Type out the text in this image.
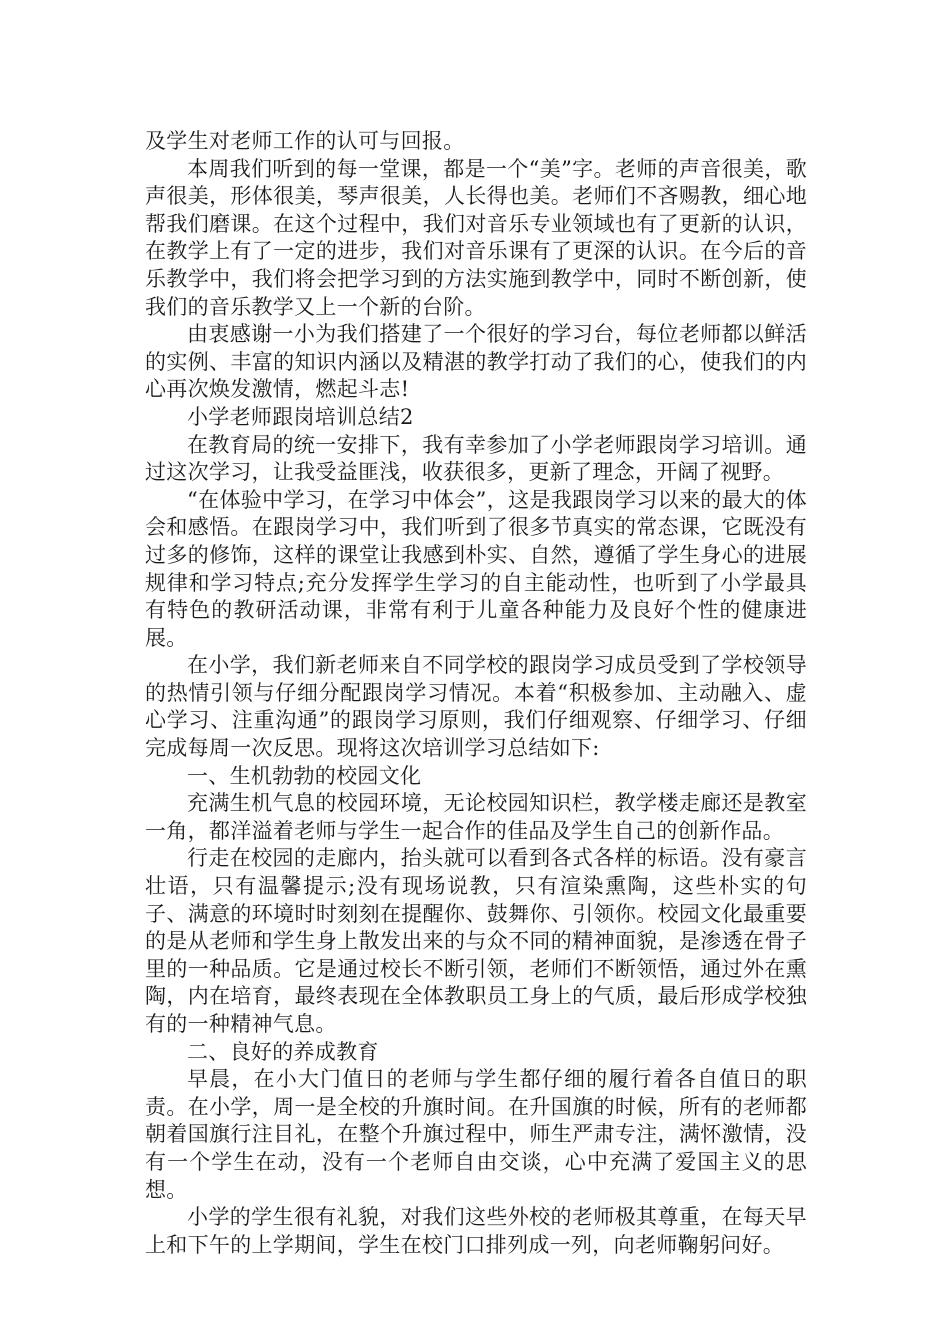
及学生对老师工作的认可与回报。

本周我们听到的每一堂课，都是一个“美”字。老师的声音很美，歌声很美，形体很美，琴声很美，人长得也美。老师们不吝赐教，细心地帮我们磨课。在这个过程中，我们对音乐专业领域也有了更新的认识，在教学上有了一定的进步，我们对音乐课有了更深的认识。在今后的音乐教学中，我们将会把学习到的方法实施到教学中，同时不断创新，使我们的音乐教学又上一个新的台阶。

由衷感谢一小为我们搭建了一个很好的学习台，每位老师都以鲜活的实例、丰富的知识内涵以及精湛的教学打动了我们的心，使我们的内心再次焕发激情，燃起斗志!

小学老师跟岗培训总结2

在教育局的统一安排下，我有幸参加了小学老师跟岗学习培训。通过这次学习，让我受益匪浅，收获很多，更新了理念，开阔了视野。

“在体验中学习，在学习中体会”，这是我跟岗学习以来的最大的体会和感悟。在跟岗学习中，我们听到了很多节真实的常态课，它既没有过多的修饰，这样的课堂让我感到朴实、自然，遵循了学生身心的进展规律和学习特点;充分发挥学生学习的自主能动性，也听到了小学最具有特色的教研活动课，非常有利于儿童各种能力及良好个性的健康进展。

在小学，我们新老师来自不同学校的跟岗学习成员受到了学校领导的热情引领与仔细分配跟岗学习情况。本着“积极参加、主动融入、虚心学习、注重沟通”的跟岗学习原则，我们仔细观察、仔细学习、仔细完成每周一次反思。现将这次培训学习总结如下:

一、生机勃勃的校园文化

充满生机气息的校园环境，无论校园知识栏，教学楼走廊还是教室一角，都洋溢着老师与学生一起合作的佳品及学生自己的创新作品。

行走在校园的走廊内，抬头就可以看到各式各样的标语。没有豪言壮语，只有温馨提示;没有现场说教，只有渲染熏陶，这些朴实的句子、满意的环境时时刻刻在提醒你、鼓舞你、引领你。校园文化最重要的是从老师和学生身上散发出来的与众不同的精神面貌，是渗透在骨子里的一种品质。它是通过校长不断引领，老师们不断领悟，通过外在熏陶，内在培育，最终表现在全体教职员工身上的气质，最后形成学校独有的一种精神气息。

二、良好的养成教育

早晨，在小大门值日的老师与学生都仔细的履行着各自值日的职责。在小学，周一是全校的升旗时间。在升国旗的时候，所有的老师都朝着国旗行注目礼，在整个升旗过程中，师生严肃专注，满怀激情，没有一个学生在动，没有一个老师自由交谈，心中充满了爱国主义的思想。

小学的学生很有礼貌，对我们这些外校的老师极其尊重，在每天早上和下午的上学期间，学生在校门口排列成一列，向老师鞠躬问好。
